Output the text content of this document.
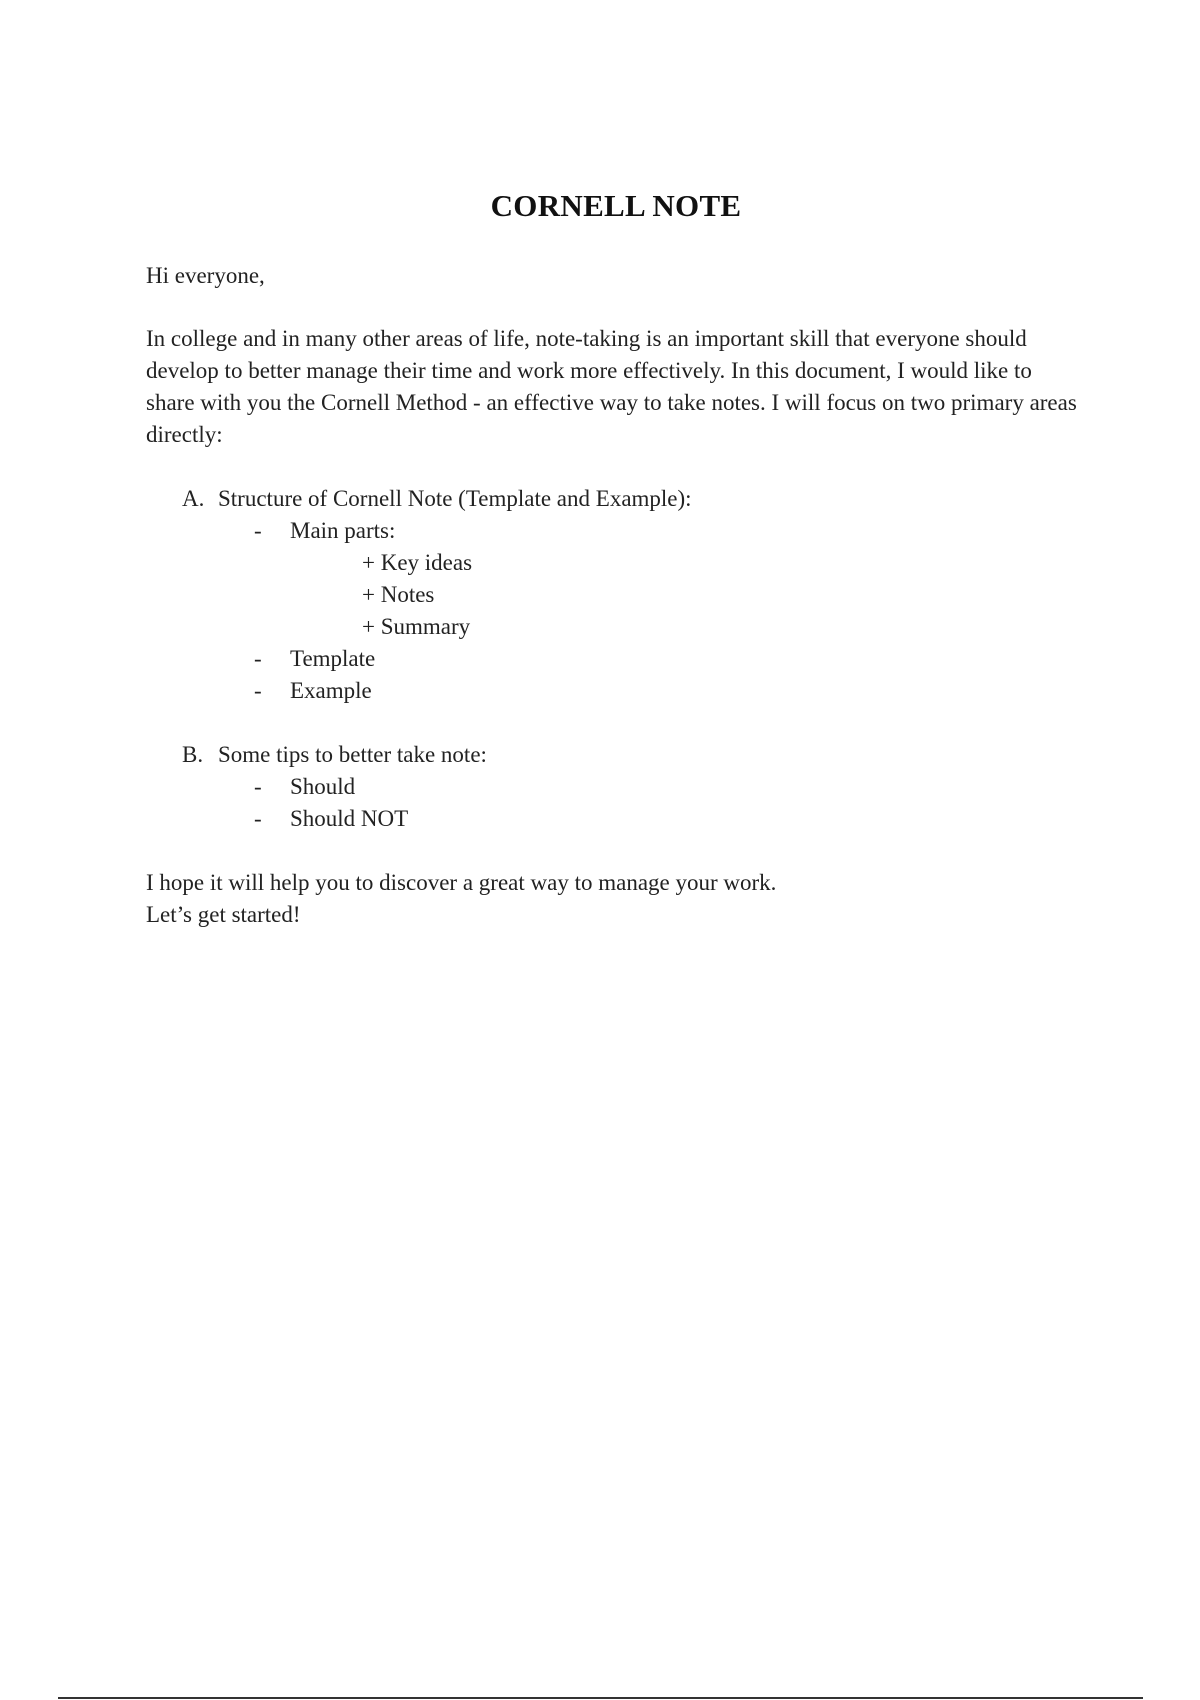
CORNELL NOTE
Hi everyone,
In college and in many other areas of life, note-taking is an important skill that everyone should develop to better manage their time and work more effectively. In this document, I would like to share with you the Cornell Method - an effective way to take notes. I will focus on two primary areas directly:
A. Structure of Cornell Note (Template and Example):
- Main parts:
+ Key ideas
+ Notes
+ Summary
- Template
- Example
B. Some tips to better take note:
- Should
- Should NOT
I hope it will help you to discover a great way to manage your work.
Let’s get started!
